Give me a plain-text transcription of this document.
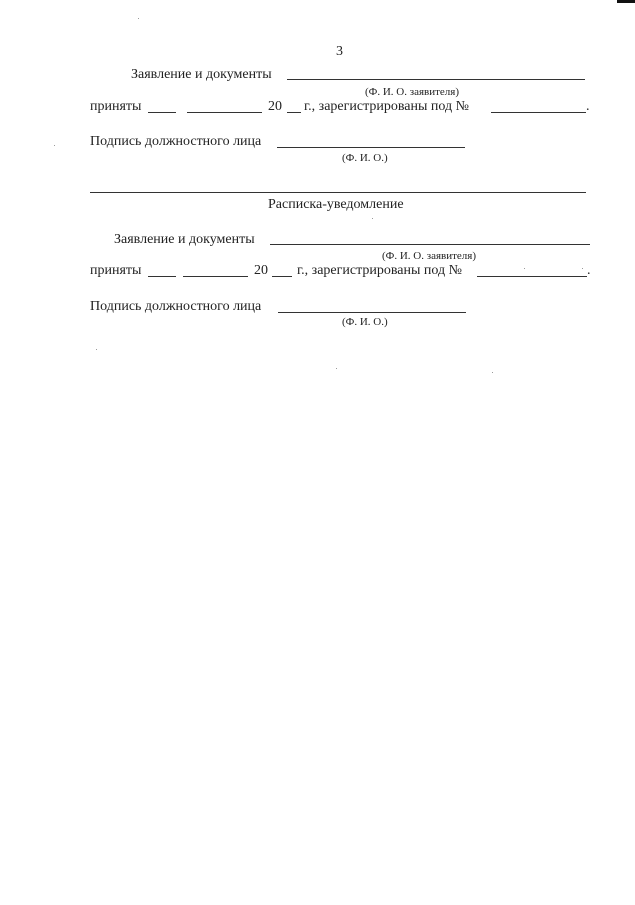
3
Заявление и документы
(Ф. И. О. заявителя)
приняты	20 г., зарегистрированы под №	.
Подпись должностного лица
(Ф. И. О.)
Расписка-уведомление
Заявление и документы
(Ф. И. О. заявителя)
приняты	20 г., зарегистрированы под №	.
Подпись должностного лица
(Ф. И. О.)
